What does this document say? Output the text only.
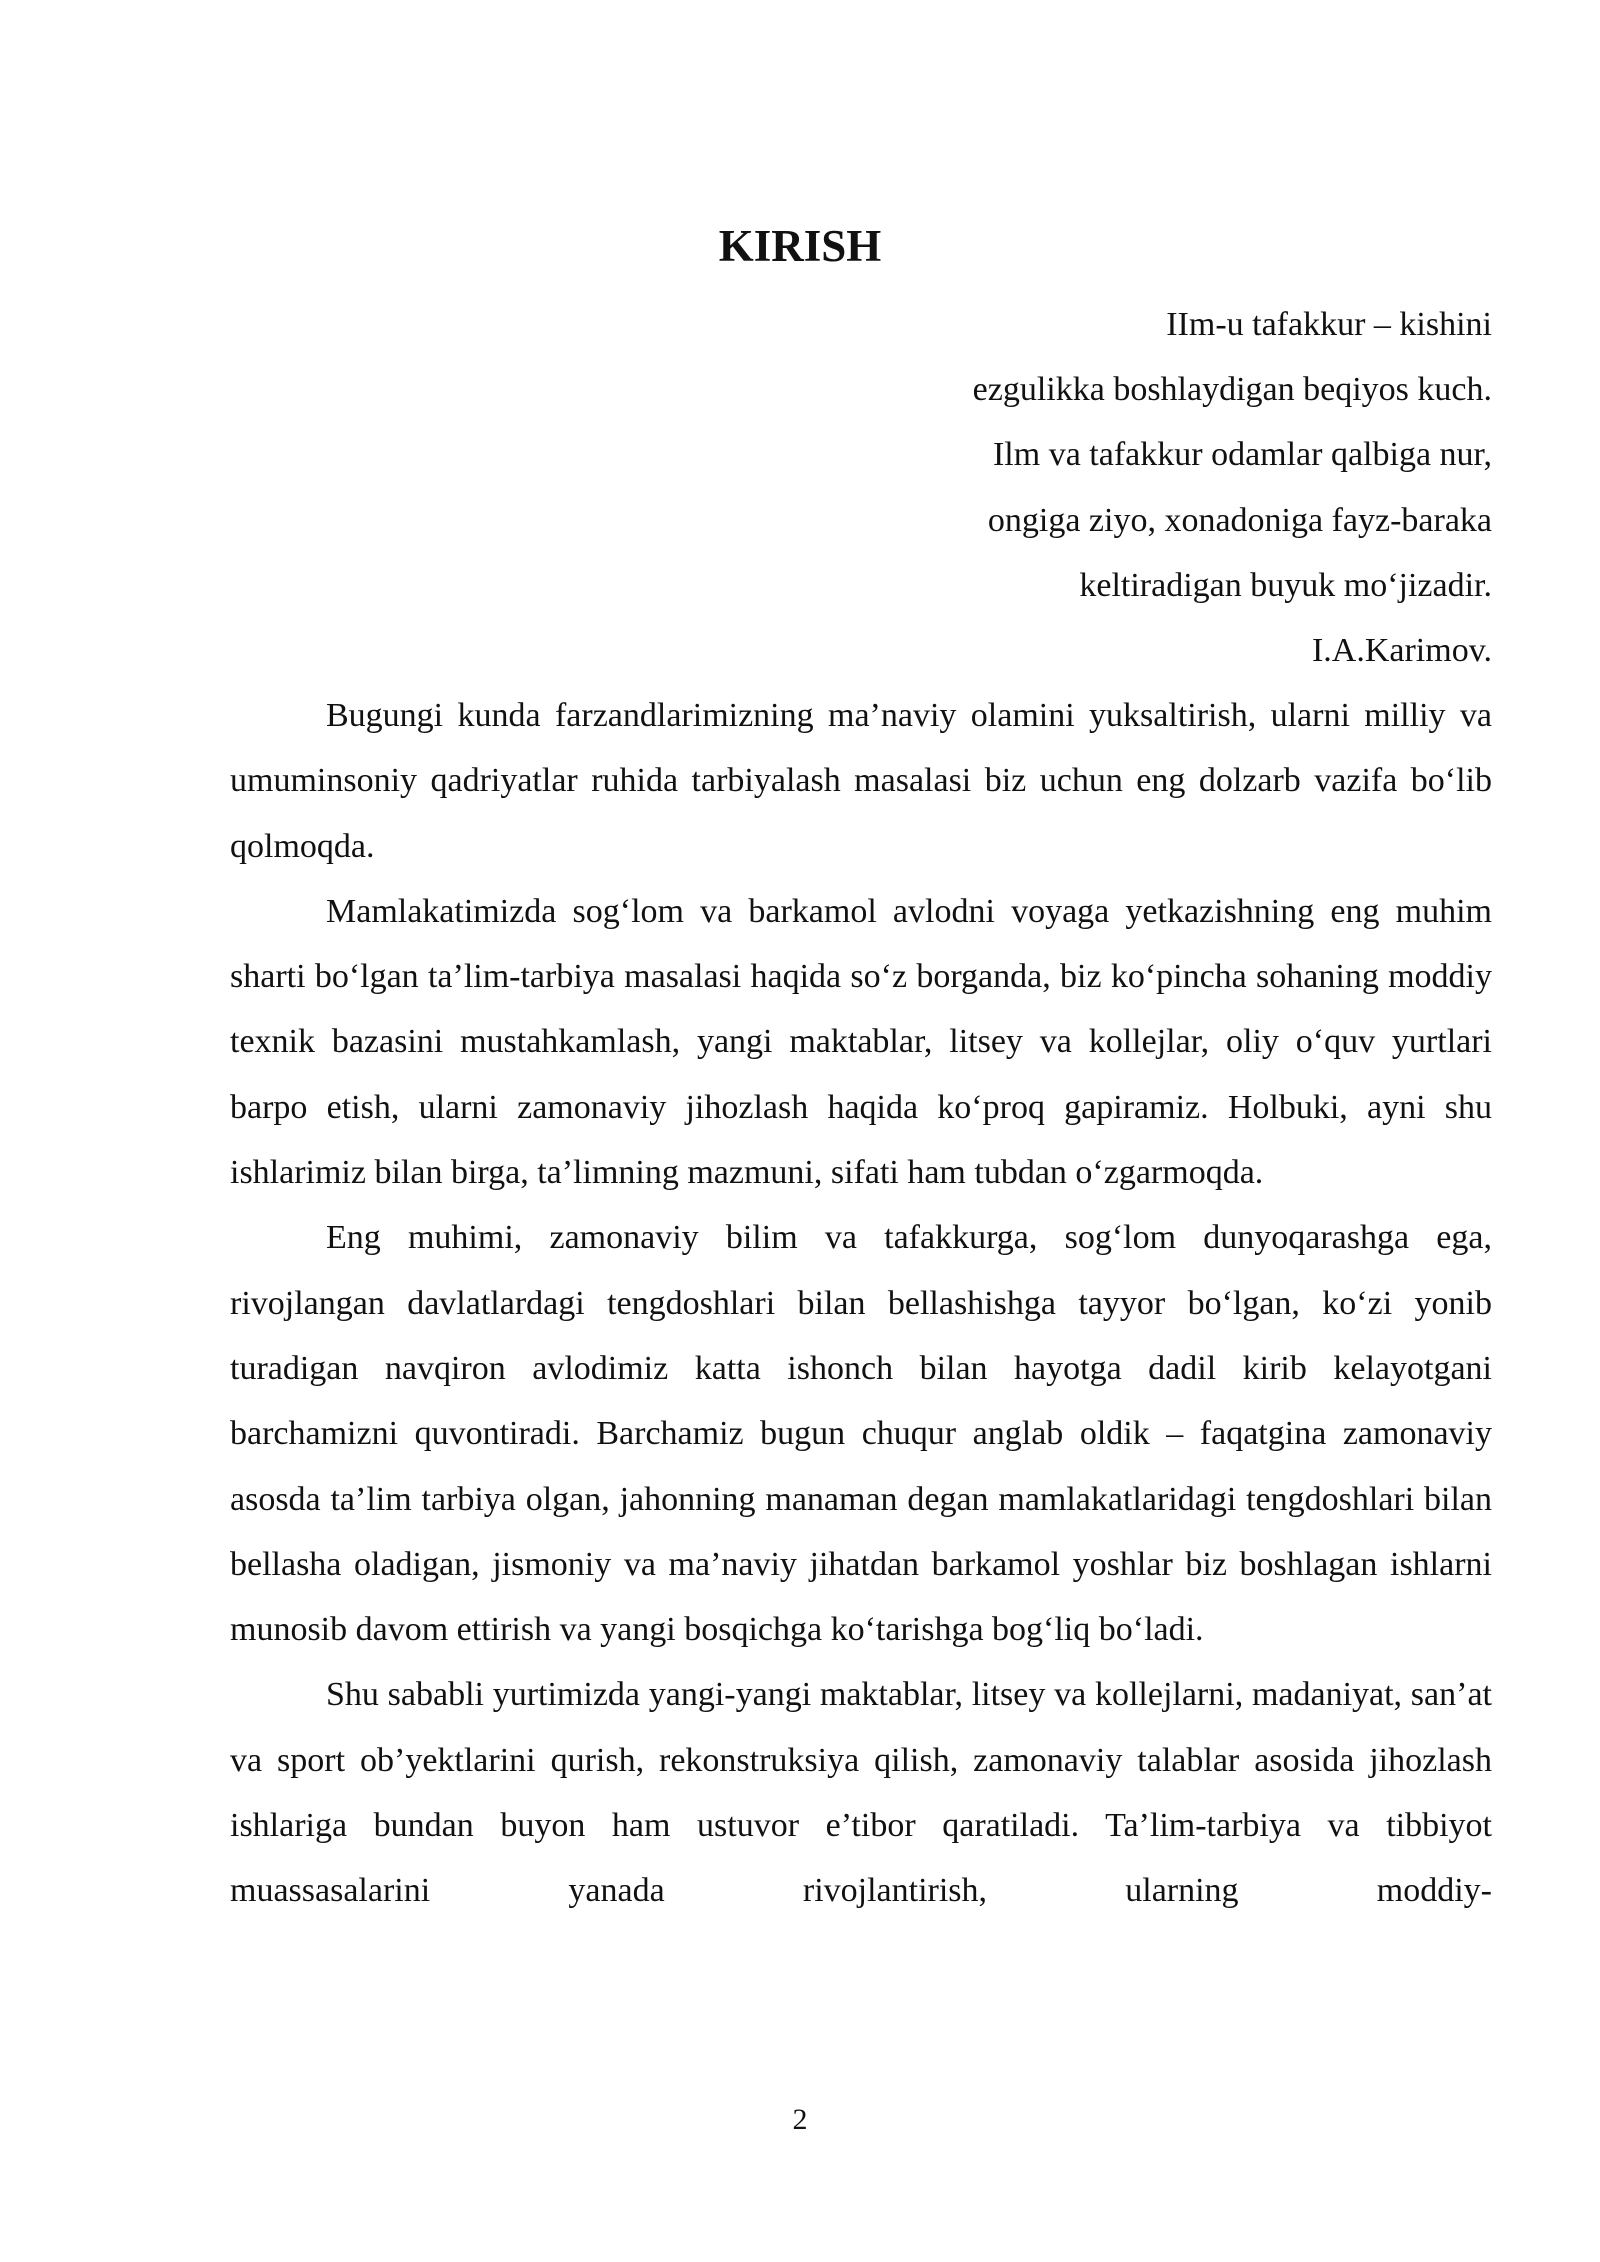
KIRISH
IIm-u tafakkur – kishini
ezgulikka boshlaydigan beqiyos kuch.
Ilm va tafakkur odamlar qalbiga nur,
ongiga ziyo, xonadoniga fayz-baraka
keltiradigan buyuk mo‘jizadir.
I.A.Karimov.

Bugungi kunda farzandlarimizning ma’naviy olamini yuksaltirish, ularni milliy va umuminsoniy qadriyatlar ruhida tarbiyalash masalasi biz uchun eng dolzarb vazifa bo‘lib qolmoqda.

Mamlakatimizda sog‘lom va barkamol avlodni voyaga yetkazishning eng muhim sharti bo‘lgan ta’lim-tarbiya masalasi haqida so‘z borganda, biz ko‘pincha sohaning moddiy texnik bazasini mustahkamlash, yangi maktablar, litsey va kollejlar, oliy o‘quv yurtlari barpo etish, ularni zamonaviy jihozlash haqida ko‘proq gapiramiz. Holbuki, ayni shu ishlarimiz bilan birga, ta’limning mazmuni, sifati ham tubdan o‘zgarmoqda.

Eng muhimi, zamonaviy bilim va tafakkurga, sog‘lom dunyoqarashga ega, rivojlangan davlatlardagi tengdoshlari bilan bellashishga tayyor bo‘lgan, ko‘zi yonib turadigan navqiron avlodimiz katta ishonch bilan hayotga dadil kirib kelayotgani barchamizni quvontiradi. Barchamiz bugun chuqur anglab oldik – faqatgina zamonaviy asosda ta’lim tarbiya olgan, jahonning manaman degan mamlakatlaridagi tengdoshlari bilan bellasha oladigan, jismoniy va ma’naviy jihatdan barkamol yoshlar biz boshlagan ishlarni munosib davom ettirish va yangi bosqichga ko‘tarishga bog‘liq bo‘ladi.

Shu sababli yurtimizda yangi-yangi maktablar, litsey va kollejlarni, madaniyat, san’at va sport ob’yektlarini qurish, rekonstruksiya qilish, zamonaviy talablar asosida jihozlash ishlariga bundan buyon ham ustuvor e’tibor qaratiladi. Ta’lim-tarbiya va tibbiyot muassasalarini yanada rivojlantirish, ularning moddiy-

2
